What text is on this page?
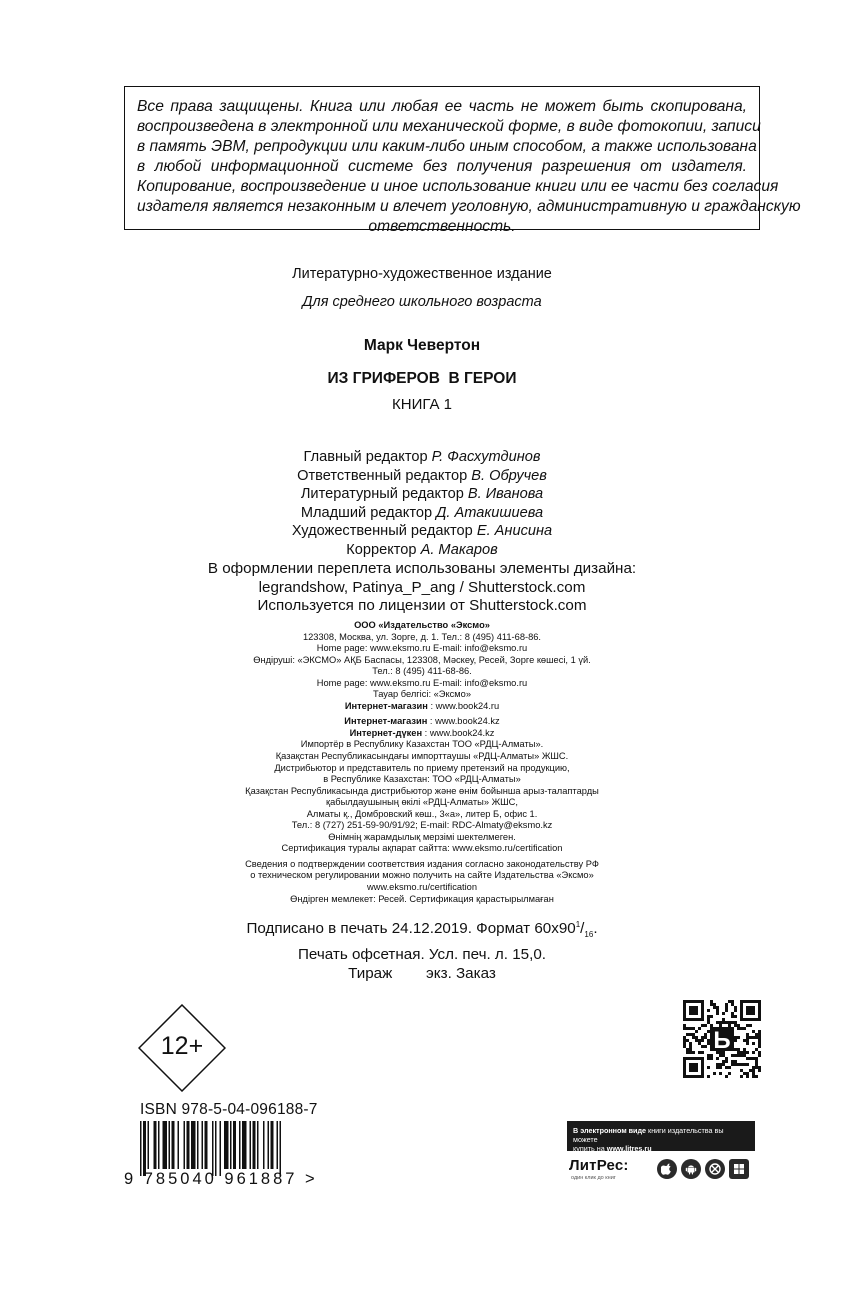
Все права защищены. Книга или любая ее часть не может быть скопирована,
воспроизведена в электронной или механической форме, в виде фотокопии, записи
в память ЭВМ, репродукции или каким-либо иным способом, а также использована
в любой информационной системе без получения разрешения от издателя.
Копирование, воспроизведение и иное использование книги или ее части без согласия
издателя является незаконным и влечет уголовную, административную и гражданскую
ответственность.
Литературно-художественное издание
Для среднего школьного возраста
Марк Чевертон
ИЗ ГРИФЕРОВ  В ГЕРОИ
КНИГА 1
Главный редактор Р. Фасхутдинов
Ответственный редактор В. Обручев
Литературный редактор В. Иванова
Младший редактор Д. Атакишиева
Художественный редактор Е. Анисина
Корректор А. Макаров
В оформлении переплета использованы элементы дизайна:
legrandshow, Patinya_P_ang / Shutterstock.com
Используется по лицензии от Shutterstock.com
ООО «Издательство «Эксмо»
123308, Москва, ул. Зорге, д. 1. Тел.: 8 (495) 411-68-86.
Home page: www.eksmo.ru E-mail: info@eksmo.ru
Өндіруші: «ЭКСМО» АҚБ Баспасы, 123308, Мәскеу, Ресей, Зорге көшесі, 1 үй.
Тел.: 8 (495) 411-68-86.
Home page: www.eksmo.ru E-mail: info@eksmo.ru
Тауар белгісі: «Эксмо»
Интернет-магазин : www.book24.ru
Интернет-магазин : www.book24.kz
Интернет-дүкен : www.book24.kz
Импортёр в Республику Казахстан ТОО «РДЦ-Алматы».
Қазақстан Республикасындағы импорттаушы «РДЦ-Алматы» ЖШС.
Дистрибьютор и представитель по приему претензий на продукцию,
в Республике Казахстан: ТОО «РДЦ-Алматы»
Қазақстан Республикасында дистрибьютор және өнім бойынша арыз-талаптарды
қабылдаушының өкілі «РДЦ-Алматы» ЖШС,
Алматы қ., Домбровский көш., 3«а», литер Б, офис 1.
Тел.: 8 (727) 251-59-90/91/92; E-mail: RDC-Almaty@eksmo.kz
Өнімнің жарамдылық мерзімі шектелмеген.
Сертификация туралы ақпарат сайтта: www.eksmo.ru/certification
Сведения о подтверждении соответствия издания согласно законодательству РФ
о техническом регулировании можно получить на сайте Издательства «Эксмо»
www.eksmo.ru/certification
Өндірген мемлекет: Ресей. Сертификация қарастырылмаған
Подписано в печать 24.12.2019. Формат $60x90^1/_{16}$.
Печать офсетная. Усл. печ. л. 15,0.
Тираж        экз. Заказ
12+	Ь
ISBN 978-5-04-096188-7
9 785040 961887 >
В электронном виде книги издательства вы можете
купить на www.litres.ru
ЛитРес:
один клик до книг
